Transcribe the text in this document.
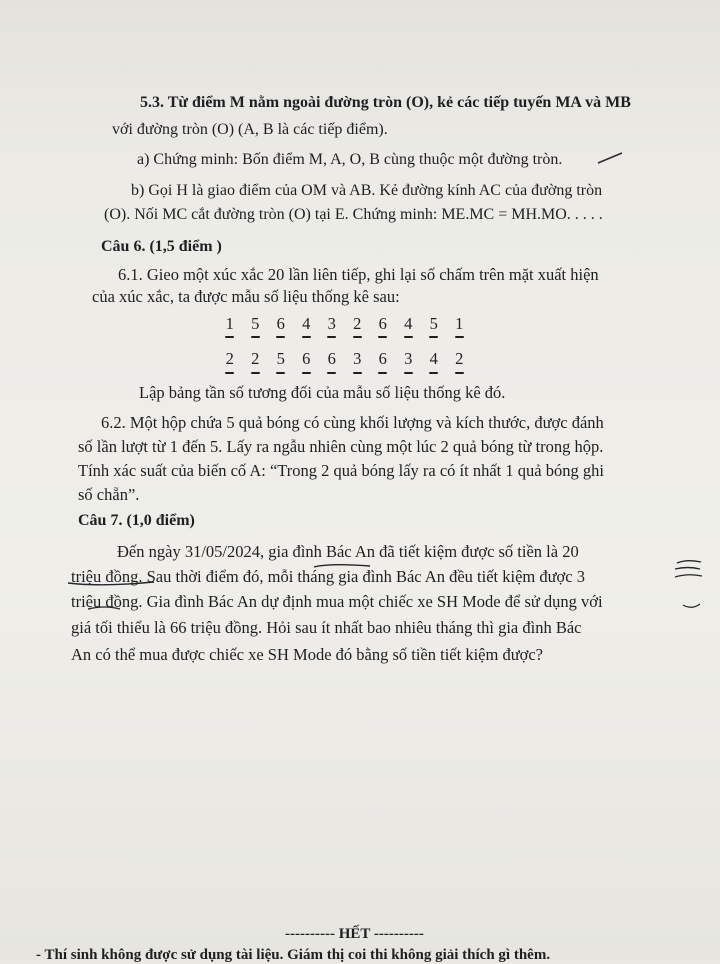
5.3. Từ điểm M nằm ngoài đường tròn (O), kẻ các tiếp tuyến MA và MB
với đường tròn (O) (A, B là các tiếp điểm).
a) Chứng minh: Bốn điểm M, A, O, B cùng thuộc một đường tròn.
b) Gọi H là giao điểm của OM và AB. Kẻ đường kính AC của đường tròn
(O). Nối MC cắt đường tròn (O) tại E. Chứng minh: ME.MC = MH.MO. . . . .
Câu 6. (1,5 điểm )
6.1. Gieo một xúc xắc 20 lần liên tiếp, ghi lại số chấm trên mặt xuất hiện
của xúc xắc, ta được mẫu số liệu thống kê sau:
1	5	6	4	3	2	6	4	5	1
2	2	5	6	6	3	6	3	4	2
Lập bảng tần số tương đối của mẫu số liệu thống kê đó.
6.2. Một hộp chứa 5 quả bóng có cùng khối lượng và kích thước, được đánh
số lần lượt từ 1 đến 5. Lấy ra ngẫu nhiên cùng một lúc 2 quả bóng từ trong hộp.
Tính xác suất của biến cố A: “Trong 2 quả bóng lấy ra có ít nhất 1 quả bóng ghi
số chẵn”.
Câu 7. (1,0 điểm)
Đến ngày 31/05/2024, gia đình Bác An đã tiết kiệm được số tiền là 20
triệu đồng. Sau thời điểm đó, mỗi tháng gia đình Bác An đều tiết kiệm được 3
triệu đồng. Gia đình Bác An dự định mua một chiếc xe SH Mode để sử dụng với
giá tối thiểu là 66 triệu đồng. Hỏi sau ít nhất bao nhiêu tháng thì gia đình Bác
An có thể mua được chiếc xe SH Mode đó bằng số tiền tiết kiệm được?
---------- HẾT ----------
- Thí sinh không được sử dụng tài liệu. Giám thị coi thi không giải thích gì thêm.
